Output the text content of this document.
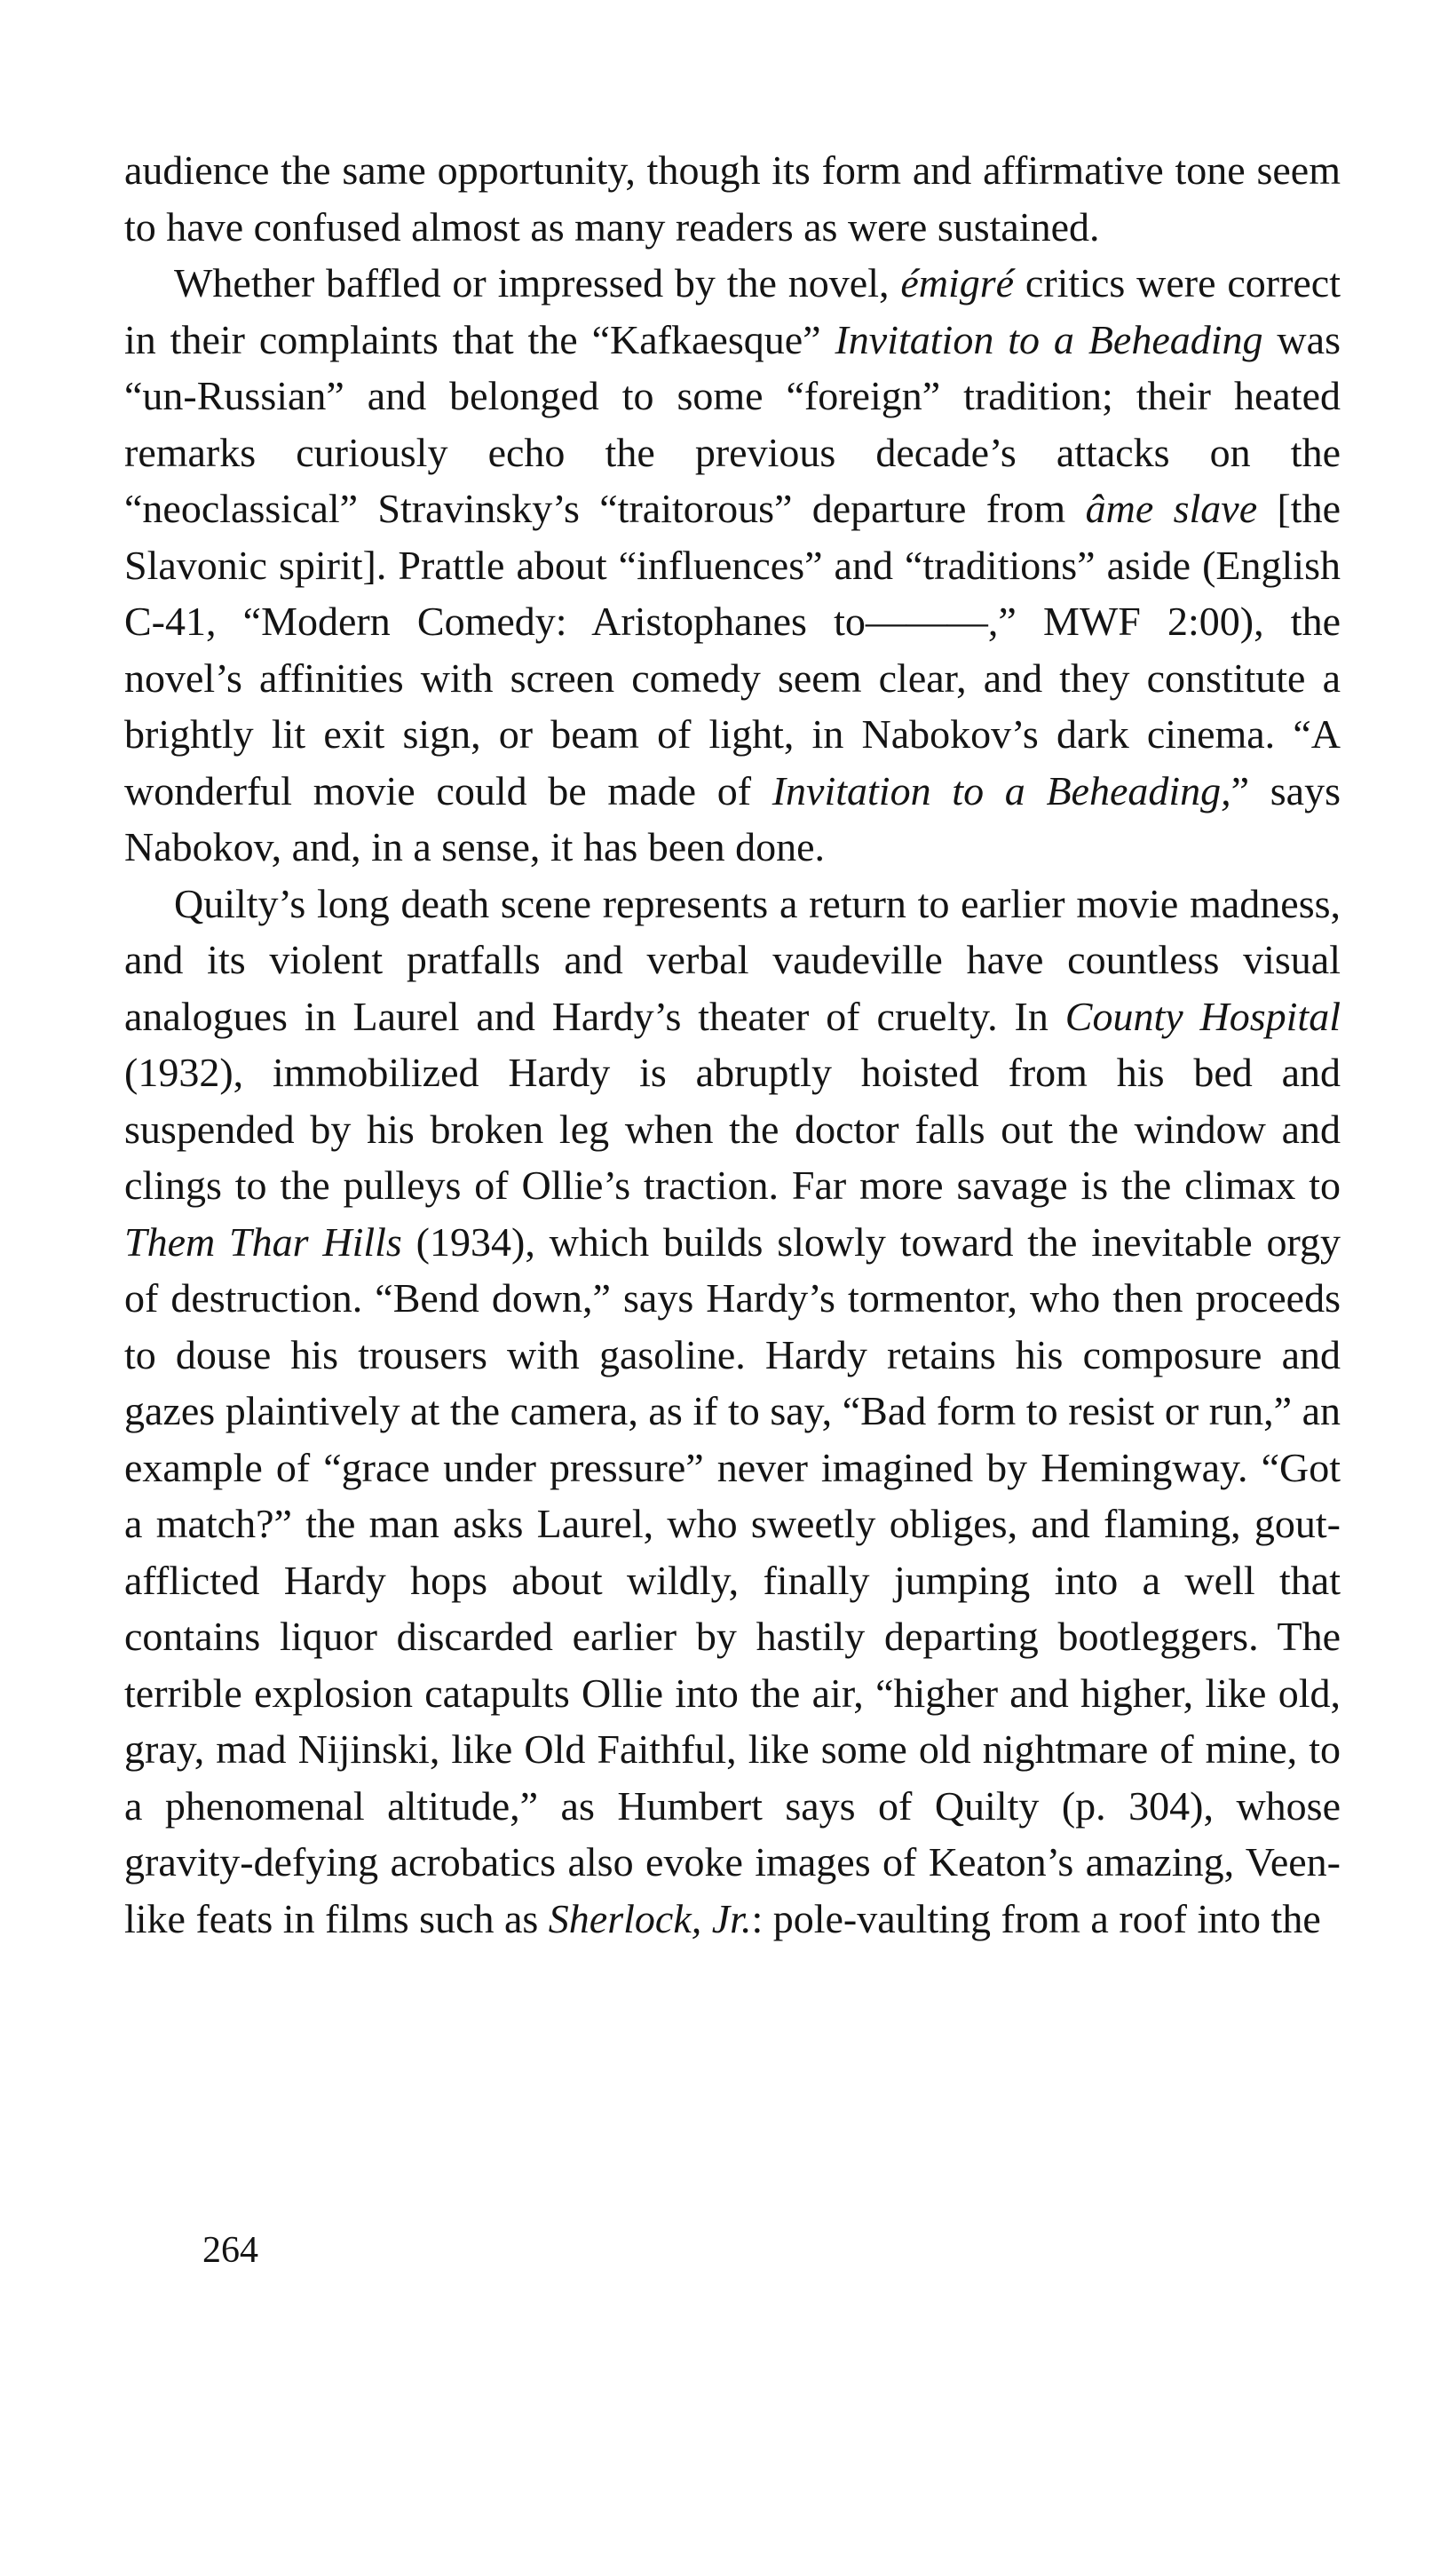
audience the same opportunity, though its form and affirmative tone seem to have confused almost as many readers as were sustained.

Whether baffled or impressed by the novel, émigré critics were correct in their complaints that the “Kafkaesque” Invitation to a Beheading was “un-Russian” and belonged to some “foreign” tradition; their heated remarks curiously echo the previous decade’s attacks on the “neoclassical” Stravinsky’s “traitorous” departure from âme slave [the Slavonic spirit]. Prattle about “influences” and “traditions” aside (English C-41, “Modern Comedy: Aristophanes to———,” MWF 2:00), the novel’s affinities with screen comedy seem clear, and they constitute a brightly lit exit sign, or beam of light, in Nabokov’s dark cinema. “A wonderful movie could be made of Invitation to a Beheading,” says Nabokov, and, in a sense, it has been done.

Quilty’s long death scene represents a return to earlier movie madness, and its violent pratfalls and verbal vaudeville have countless visual analogues in Laurel and Hardy’s theater of cruelty. In County Hospital (1932), immobilized Hardy is abruptly hoisted from his bed and suspended by his broken leg when the doctor falls out the window and clings to the pulleys of Ollie’s traction. Far more savage is the climax to Them Thar Hills (1934), which builds slowly toward the inevitable orgy of destruction. “Bend down,” says Hardy’s tormentor, who then proceeds to douse his trousers with gasoline. Hardy retains his composure and gazes plaintively at the camera, as if to say, “Bad form to resist or run,” an example of “grace under pressure” never imagined by Hemingway. “Got a match?” the man asks Laurel, who sweetly obliges, and flaming, gout-afflicted Hardy hops about wildly, finally jumping into a well that contains liquor discarded earlier by hastily departing bootleggers. The terrible explosion catapults Ollie into the air, “higher and higher, like old, gray, mad Nijinski, like Old Faithful, like some old nightmare of mine, to a phenomenal altitude,” as Humbert says of Quilty (p. 304), whose gravity-defying acrobatics also evoke images of Keaton’s amazing, Veen-like feats in films such as Sherlock, Jr.: pole-vaulting from a roof into the

264
